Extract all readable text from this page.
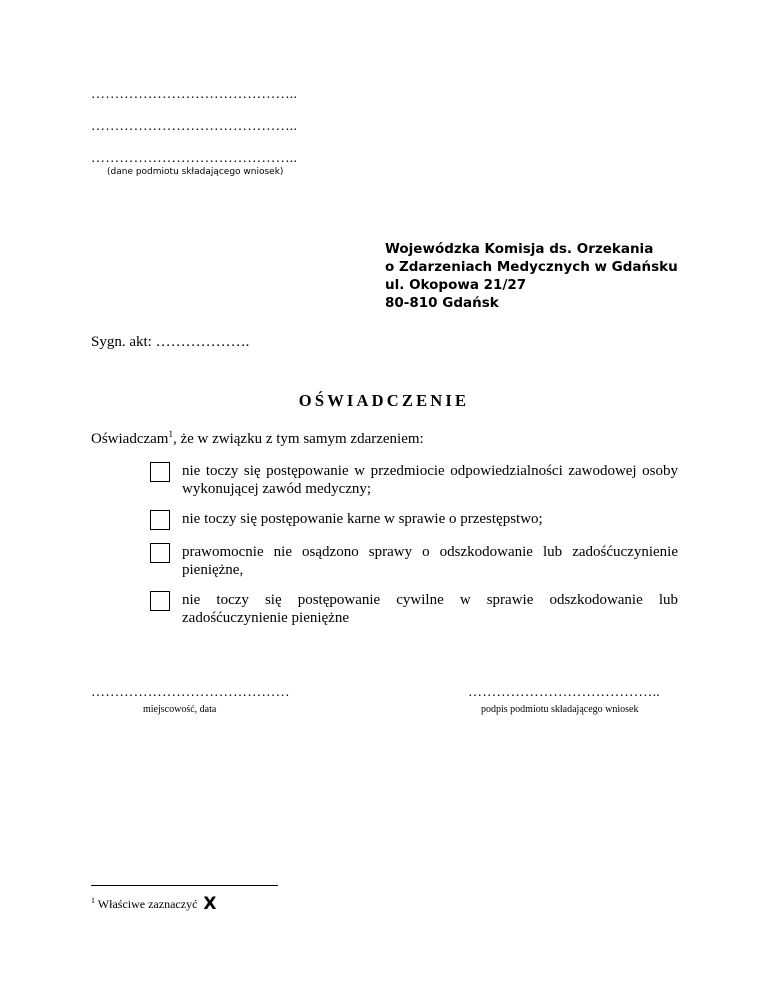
……………………………………..
……………………………………..
……………………………………..
(dane podmiotu składającego wniosek)
Wojewódzka Komisja ds. Orzekania
o Zdarzeniach Medycznych w Gdańsku
ul. Okopowa 21/27
80-810 Gdańsk
Sygn. akt: ……………….
OŚWIADCZENIE
Oświadczam$^1$, że w związku z tym samym zdarzeniem:
nie toczy się postępowanie w przedmiocie odpowiedzialności zawodowej osoby wykonującej zawód medyczny;
nie toczy się postępowanie karne w sprawie o przestępstwo;
prawomocnie nie osądzono sprawy o odszkodowanie lub zadośćuczynienie pieniężne,
nie toczy się postępowanie cywilne w sprawie odszkodowanie lub zadośćuczynienie pieniężne
……………………………………
miejscowość, data
…………………………………..
podpis podmiotu składającego wniosek
$^1$ Właściwe zaznaczyć X
